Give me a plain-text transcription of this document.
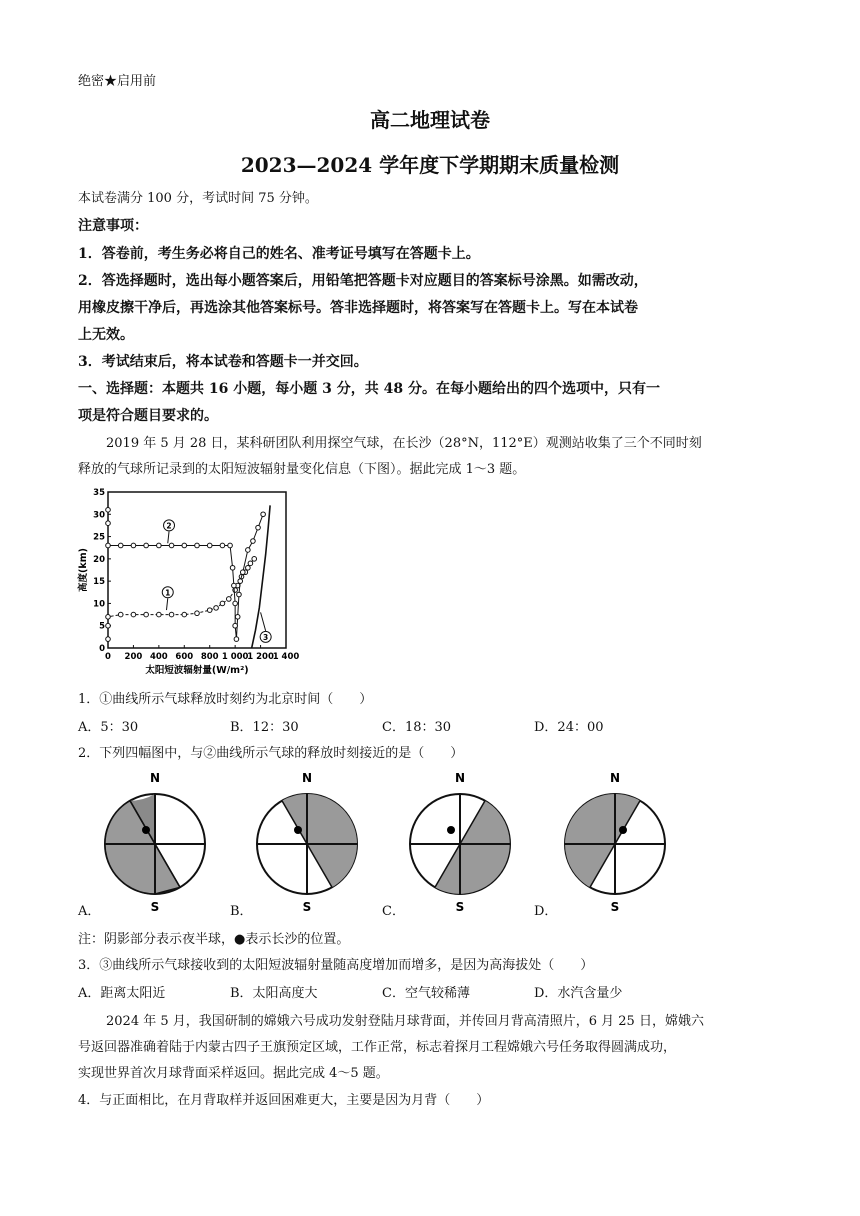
绝密★启用前
高二地理试卷
2023—2024 学年度下学期期末质量检测
本试卷满分 100 分，考试时间 75 分钟。
注意事项：
1．答卷前，考生务必将自己的姓名、准考证号填写在答题卡上。
2．答选择题时，选出每小题答案后，用铅笔把答题卡对应题目的答案标号涂黑。如需改动，
用橡皮擦干净后，再选涂其他答案标号。答非选择题时，将答案写在答题卡上。写在本试卷
上无效。
3．考试结束后，将本试卷和答题卡一并交回。
一、选择题：本题共 16 小题，每小题 3 分，共 48 分。在每小题给出的四个选项中，只有一
项是符合题目要求的。
2019 年 5 月 28 日，某科研团队利用探空气球，在长沙（28°N，112°E）观测站收集了三个不同时刻
释放的气球所记录到的太阳短波辐射量变化信息（下图）。据此完成 1～3 题。
0 200 400 600 800 1 000
1 200
1 400
0
5
10
15
20
25
30
35
太阳短波辐射量(W/m²)
高度(km)
1
2
3
1．①曲线所示气球释放时刻约为北京时间（　　）
A．5：30	B．12：30	C．18：30	D．24：00
2．下列四幅图中，与②曲线所示气球的释放时刻接近的是（　　）
N
S
N
S
N
S
N
S
A．	B．	C．	D．
注：阴影部分表示夜半球，●表示长沙的位置。
3．③曲线所示气球接收到的太阳短波辐射量随高度增加而增多，是因为高海拔处（　　）
A．距离太阳近	B．太阳高度大	C．空气较稀薄	D．水汽含量少
2024 年 5 月，我国研制的嫦娥六号成功发射登陆月球背面，并传回月背高清照片，6 月 25 日，嫦娥六
号返回器准确着陆于内蒙古四子王旗预定区域，工作正常，标志着探月工程嫦娥六号任务取得圆满成功，
实现世界首次月球背面采样返回。据此完成 4～5 题。
4．与正面相比，在月背取样并返回困难更大，主要是因为月背（　　）
